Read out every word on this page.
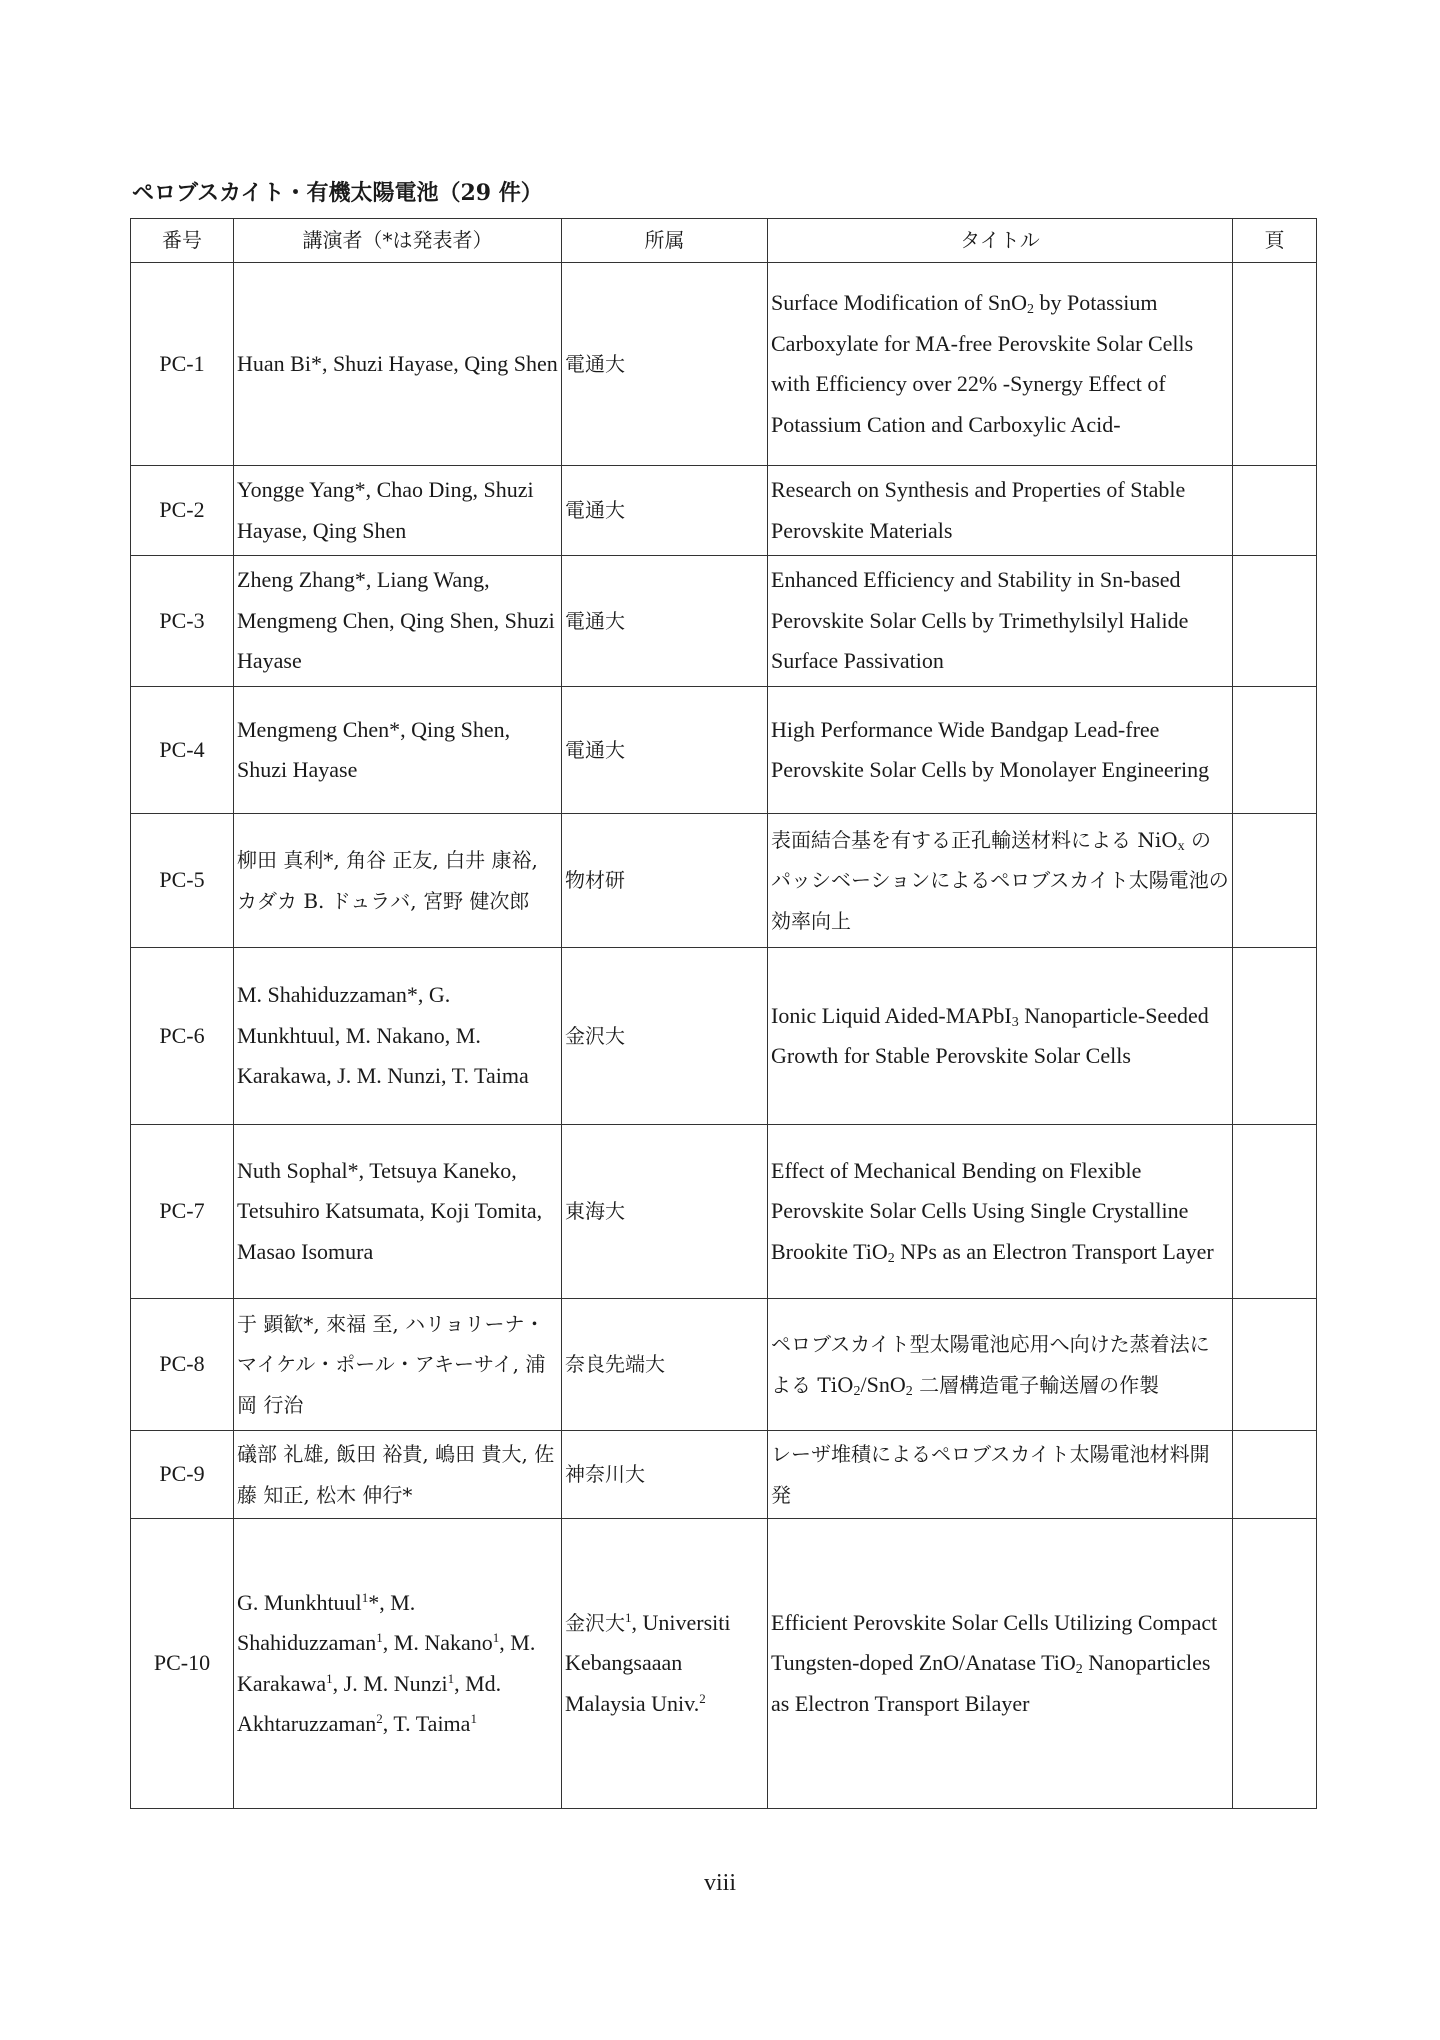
ペロブスカイト・有機太陽電池（29 件）
番号	講演者（*は発表者）	所属	タイトル	頁
PC-1	Huan Bi*, Shuzi Hayase, Qing Shen	電通大	Surface Modification of SnO$_2$ by Potassium Carboxylate for MA-free Perovskite Solar Cells with Efficiency over 22% -Synergy Effect of Potassium Cation and Carboxylic Acid-	
PC-2	Yongge Yang*, Chao Ding, Shuzi Hayase, Qing Shen	電通大	Research on Synthesis and Properties of Stable Perovskite Materials	
PC-3	Zheng Zhang*, Liang Wang, Mengmeng Chen, Qing Shen, Shuzi Hayase	電通大	Enhanced Efficiency and Stability in Sn-based Perovskite Solar Cells by Trimethylsilyl Halide Surface Passivation	
PC-4	Mengmeng Chen*, Qing Shen, Shuzi Hayase	電通大	High Performance Wide Bandgap Lead-free Perovskite Solar Cells by Monolayer Engineering	
PC-5	柳田 真利*, 角谷 正友, 白井 康裕, カダカ B. ドュラバ, 宮野 健次郎	物材研	表面結合基を有する正孔輸送材料による NiO$_x$ のパッシベーションによるペロブスカイト太陽電池の効率向上	
PC-6	M. Shahiduzzaman*, G. Munkhtuul, M. Nakano, M. Karakawa, J. M. Nunzi, T. Taima	金沢大	Ionic Liquid Aided-MAPbI$_3$ Nanoparticle-Seeded Growth for Stable Perovskite Solar Cells	
PC-7	Nuth Sophal*, Tetsuya Kaneko, Tetsuhiro Katsumata, Koji Tomita, Masao Isomura	東海大	Effect of Mechanical Bending on Flexible Perovskite Solar Cells Using Single Crystalline Brookite TiO$_2$ NPs as an Electron Transport Layer	
PC-8	于 顕歓*, 來福 至, ハリョリーナ・マイケル・ポール・アキーサイ, 浦岡 行治	奈良先端大	ペロブスカイト型太陽電池応用へ向けた蒸着法による TiO$_2$/SnO$_2$ 二層構造電子輸送層の作製	
PC-9	礒部 礼雄, 飯田 裕貴, 嶋田 貴大, 佐藤 知正, 松木 伸行*	神奈川大	レーザ堆積によるペロブスカイト太陽電池材料開発	
PC-10	G. Munkhtuul$^1$*, M. Shahiduzzaman$^1$, M. Nakano$^1$, M. Karakawa$^1$, J. M. Nunzi$^1$, Md. Akhtaruzzaman$^2$, T. Taima$^1$	金沢大$^1$, Universiti Kebangsaaan Malaysia Univ.$^2$	Efficient Perovskite Solar Cells Utilizing Compact Tungsten-doped ZnO/Anatase TiO$_2$ Nanoparticles as Electron Transport Bilayer	
viii
